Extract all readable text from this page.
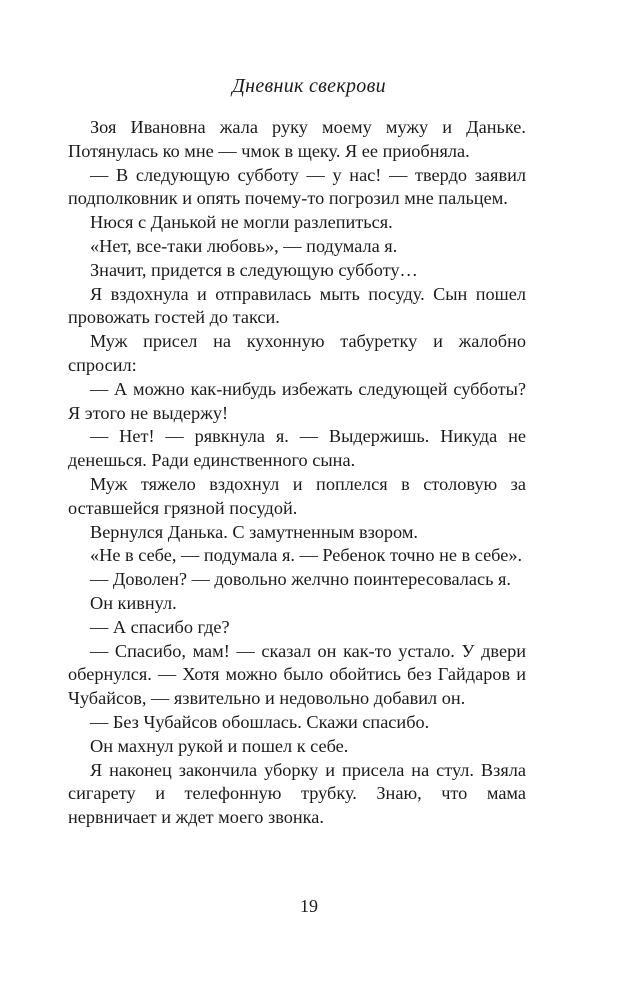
Дневник свекрови

Зоя Ивановна жала руку моему мужу и Даньке. Потянулась ко мне — чмок в щеку. Я ее приобняла.

— В следующую субботу — у нас! — твердо заявил подполковник и опять почему-то погрозил мне пальцем.

Нюся с Данькой не могли разлепиться.

«Нет, все-таки любовь», — подумала я.

Значит, придется в следующую субботу…

Я вздохнула и отправилась мыть посуду. Сын пошел провожать гостей до такси.

Муж присел на кухонную табуретку и жалобно спросил:

— А можно как-нибудь избежать следующей субботы? Я этого не выдержу!

— Нет! — рявкнула я. — Выдержишь. Никуда не денешься. Ради единственного сына.

Муж тяжело вздохнул и поплелся в столовую за оставшейся грязной посудой.

Вернулся Данька. С замутненным взором.

«Не в себе, — подумала я. — Ребенок точно не в себе».

— Доволен? — довольно желчно поинтересовалась я.

Он кивнул.

— А спасибо где?

— Спасибо, мам! — сказал он как-то устало. У двери обернулся. — Хотя можно было обойтись без Гайдаров и Чубайсов, — язвительно и недовольно добавил он.

— Без Чубайсов обошлась. Скажи спасибо.

Он махнул рукой и пошел к себе.

Я наконец закончила уборку и присела на стул. Взяла сигарету и телефонную трубку. Знаю, что мама нервничает и ждет моего звонка.

19
